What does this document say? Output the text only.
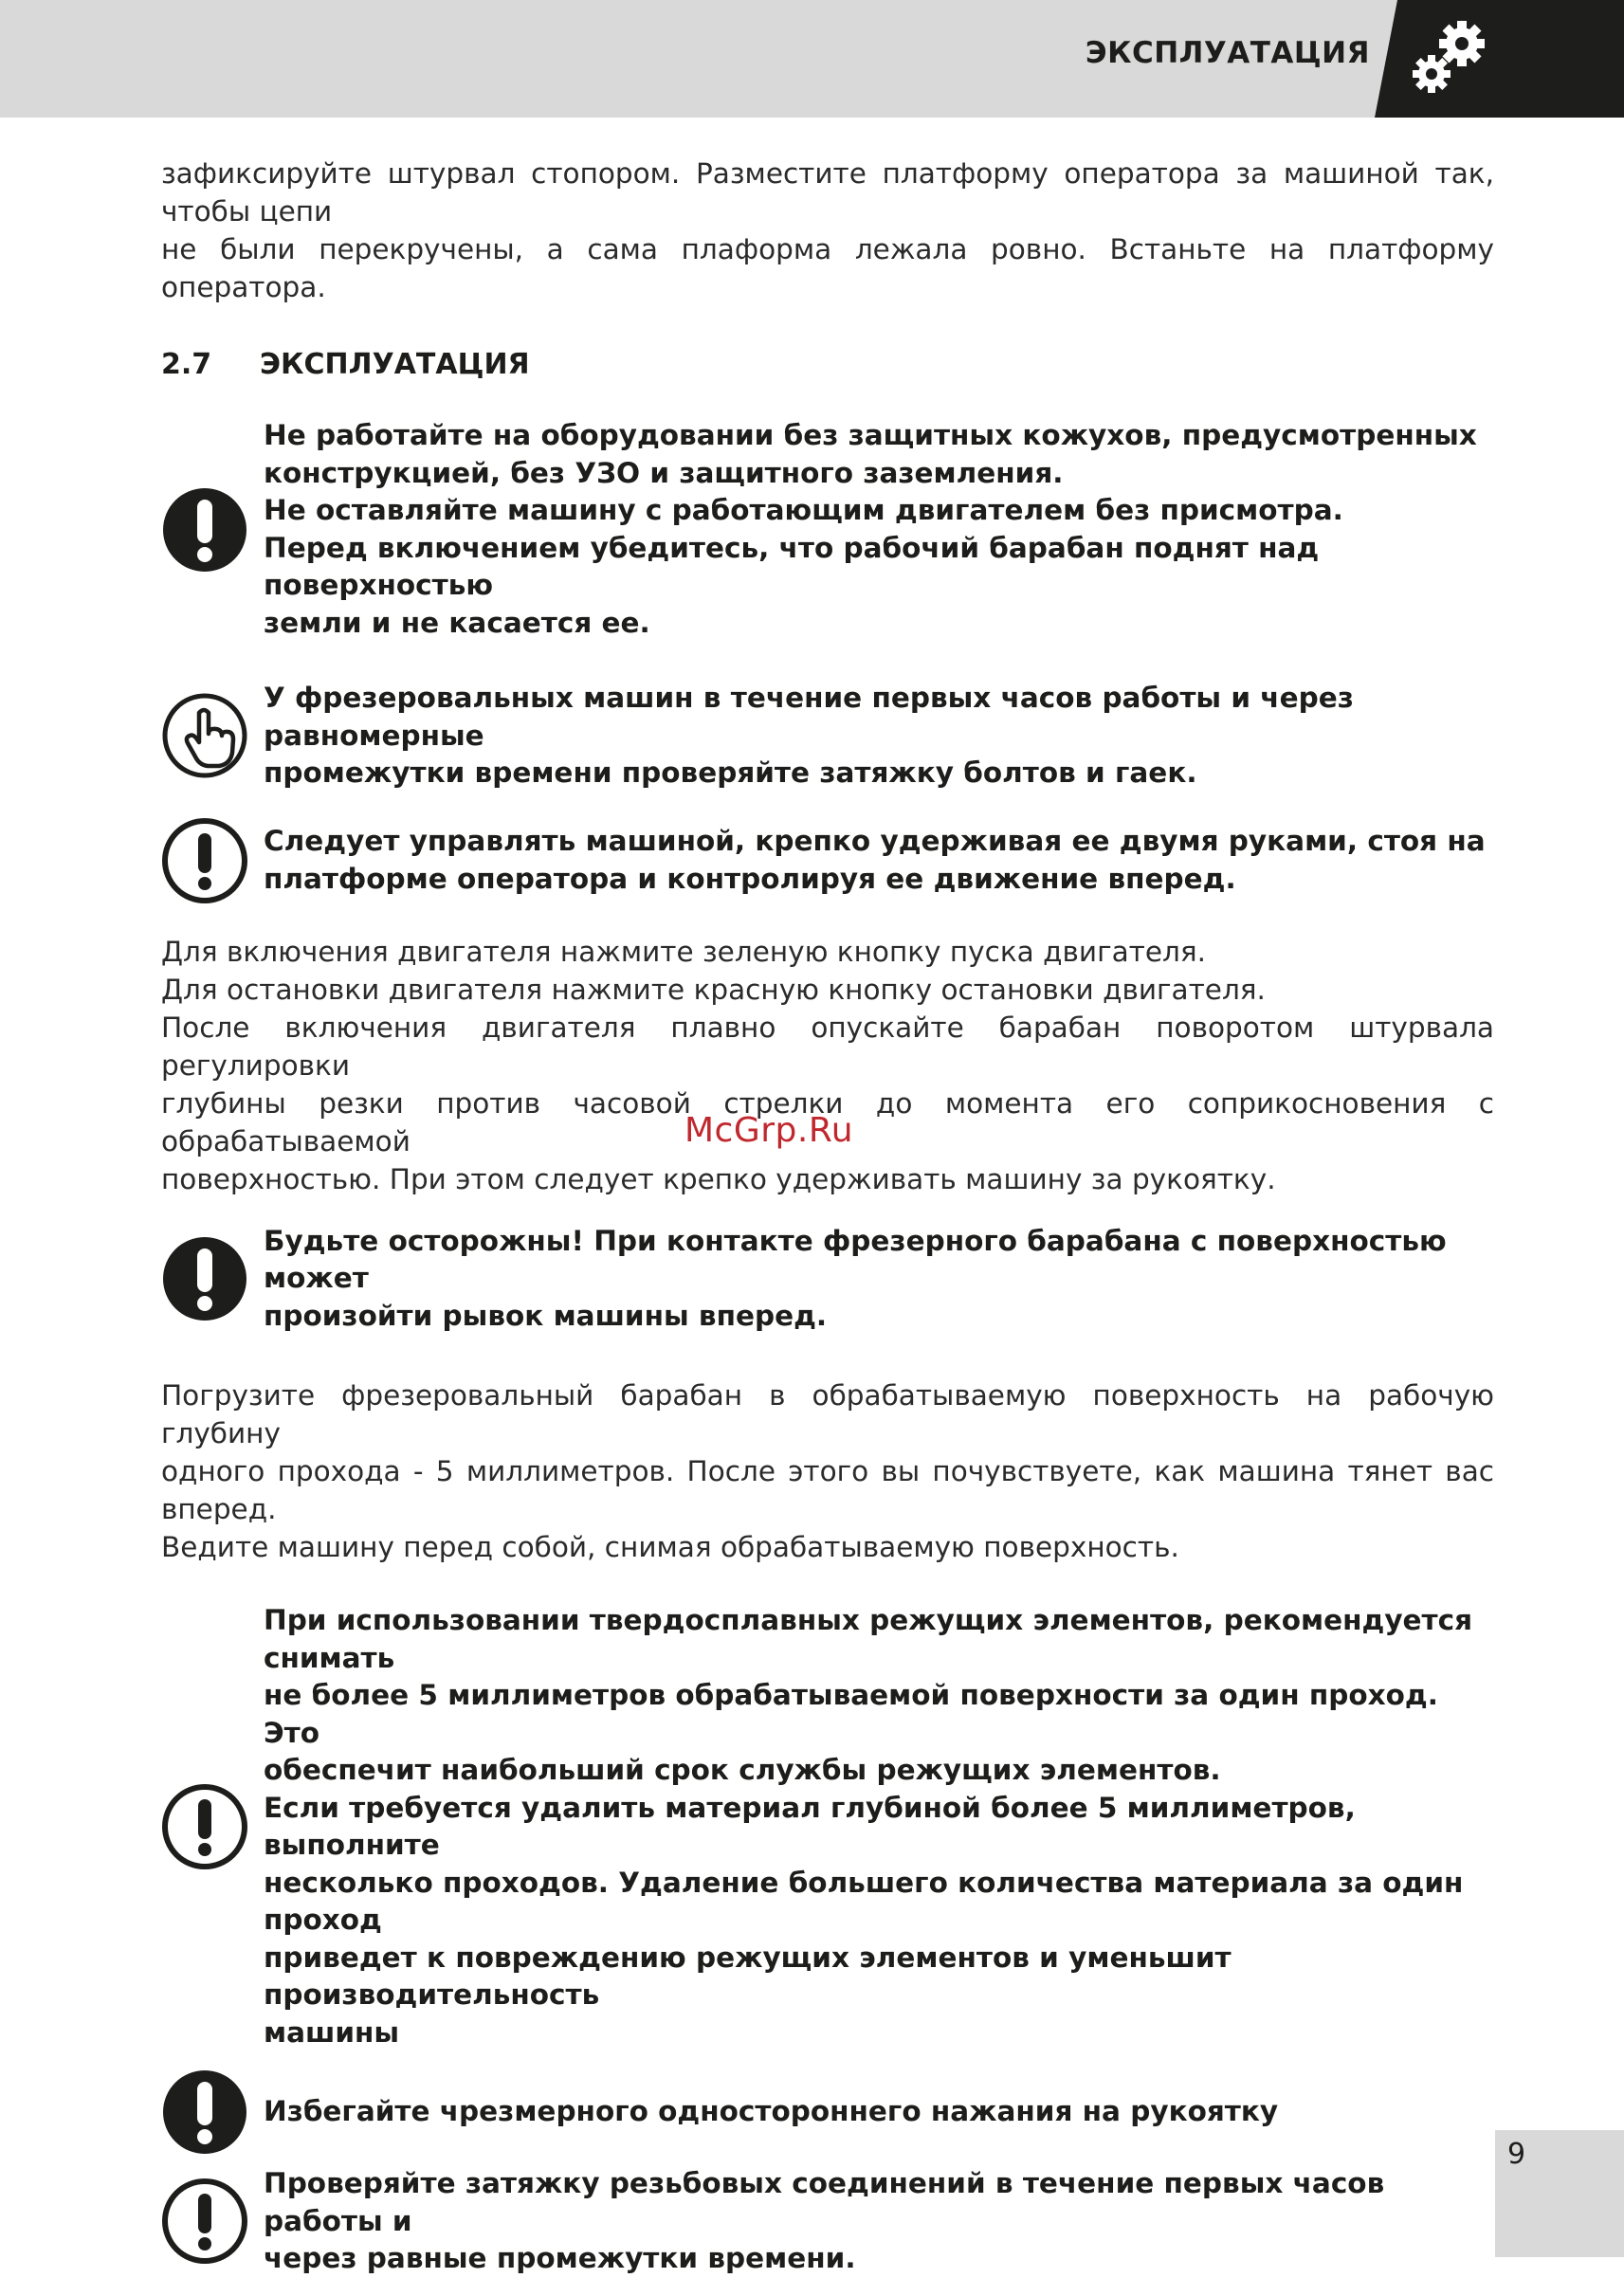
ЭКСПЛУАТАЦИЯ

зафиксируйте штурвал стопором. Разместите платформу оператора за машиной так, чтобы цепи
не были перекручены, а сама плаформа лежала ровно. Встаньте на платформу оператора.

2.7	ЭКСПЛУАТАЦИЯ
Не работайте на оборудовании без защитных кожухов, предусмотренных
конструкцией, без УЗО и защитного заземления.
Не оставляйте машину с работающим двигателем без присмотра.
Перед включением убедитесь, что рабочий барабан поднят над поверхностью
земли и не касается ее.
У фрезеровальных машин в течение первых часов работы и через равномерные
промежутки времени проверяйте затяжку болтов и гаек.
Следует управлять машиной, крепко удерживая ее двумя руками, стоя на
платформе оператора и контролируя ее движение вперед.

Для включения двигателя нажмите зеленую кнопку пуска двигателя.
Для остановки двигателя нажмите красную кнопку остановки двигателя.
После включения двигателя плавно опускайте барабан поворотом штурвала регулировки
глубины резки против часовой стрелки до момента его соприкосновения с обрабатываемой
поверхностью. При этом следует крепко удерживать машину за рукоятку.

Будьте осторожны! При контакте фрезерного барабана с поверхностью может
произойти рывок машины вперед.

Погрузите фрезеровальный барабан в обрабатываемую поверхность на рабочую глубину
одного прохода - 5 миллиметров. После этого вы почувствуете, как машина тянет вас вперед.
Ведите машину перед собой, снимая обрабатываемую поверхность.

При использовании твердосплавных режущих элементов, рекомендуется снимать
не более 5 миллиметров обрабатываемой поверхности за один проход. Это
обеспечит наибольший срок службы режущих элементов.
Если требуется удалить материал глубиной более 5 миллиметров, выполните
несколько проходов. Удаление большего количества материала за один проход
приведет к повреждению режущих элементов и уменьшит производительность
машины
Избегайте чрезмерного одностороннего нажания на рукоятку
Проверяйте затяжку резьбовых соединений в течение первых часов работы и
через равные промежутки времени.
McGrp.Ru
9
